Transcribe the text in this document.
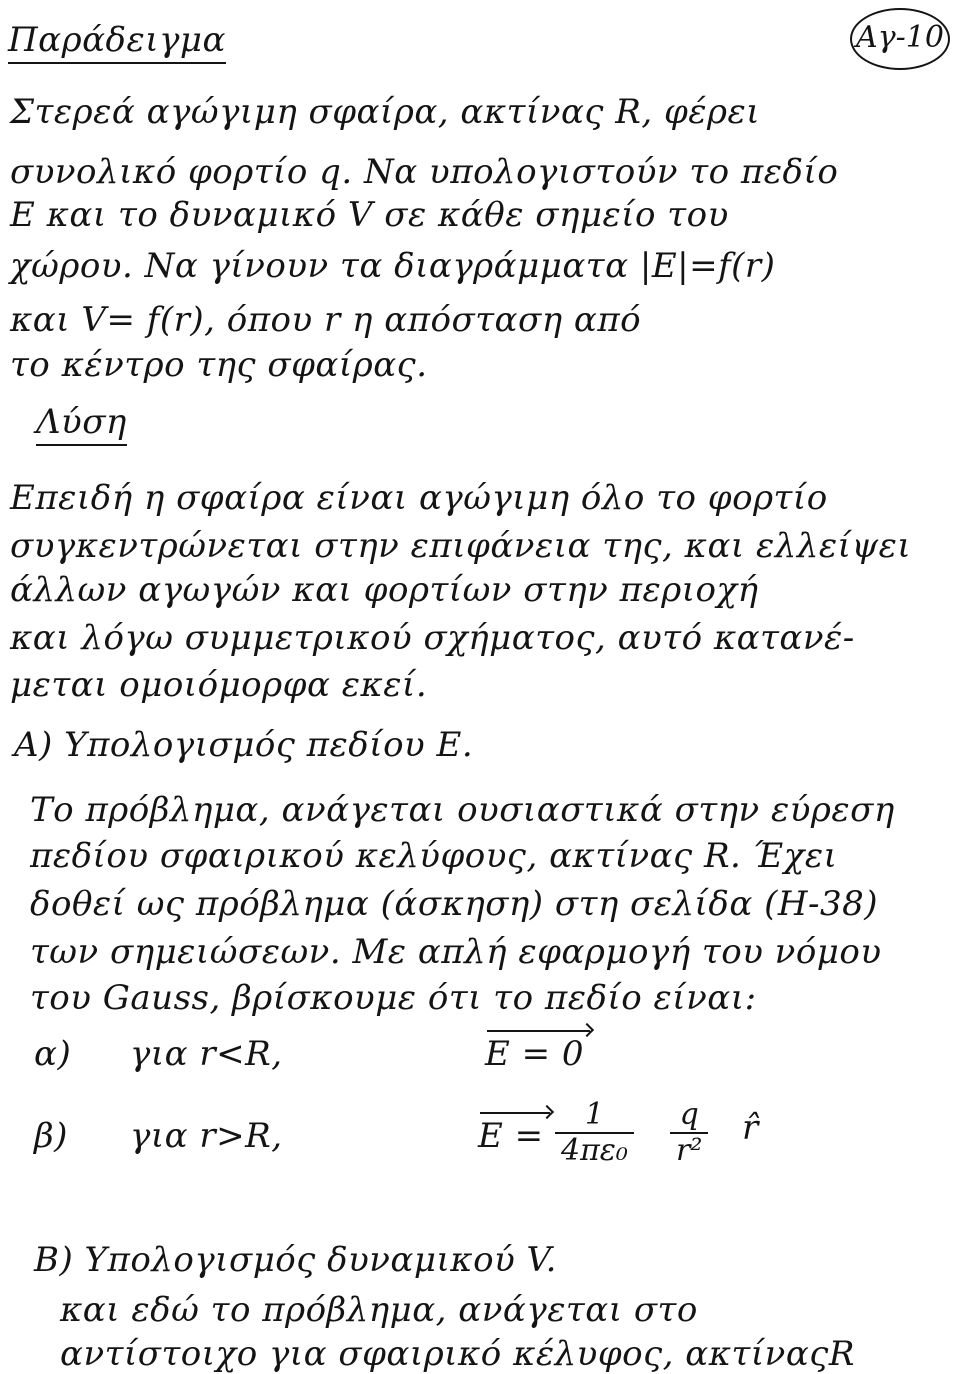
Παράδειγμα	Aγ-10
Στερεά αγώγιμη σφαίρα, ακτίνας R, φέρει
συνολικό φορτίο q. Να υπολογιστούν το πεδίο
E και το δυναμικό V σε κάθε σημείο του
χώρου. Να γίνουν τα διαγράμματα |E|=f(r)
και V= f(r), όπου r η απόσταση από
το κέντρο της σφαίρας.
Λύση
Επειδή η σφαίρα είναι αγώγιμη όλο το φορτίο
συγκεντρώνεται στην επιφάνεια της, και ελλείψει
άλλων αγωγών και φορτίων στην περιοχή
και λόγω συμμετρικού σχήματος, αυτό κατανέ-
μεται ομοιόμορφα εκεί.
Α) Υπολογισμός πεδίου E.
Το πρόβλημα, ανάγεται ουσιαστικά στην εύρεση
πεδίου σφαιρικού κελύφους, ακτίνας R. Έχει
δοθεί ως πρόβλημα (άσκηση) στη σελίδα (Η-38)
των σημειώσεων. Με απλή εφαρμογή του νόμου
του Gauss, βρίσκουμε ότι το πεδίο είναι:
α) για r<R,	E = 0
β) για r>R,	$E = \frac{1}{\text{4πε₀}} \frac{q}{\text{r²}}$ r̂
Β) Υπολογισμός δυναμικού V.
και εδώ το πρόβλημα, ανάγεται στο
αντίστοιχο για σφαιρικό κέλυφος, ακτίναςR
